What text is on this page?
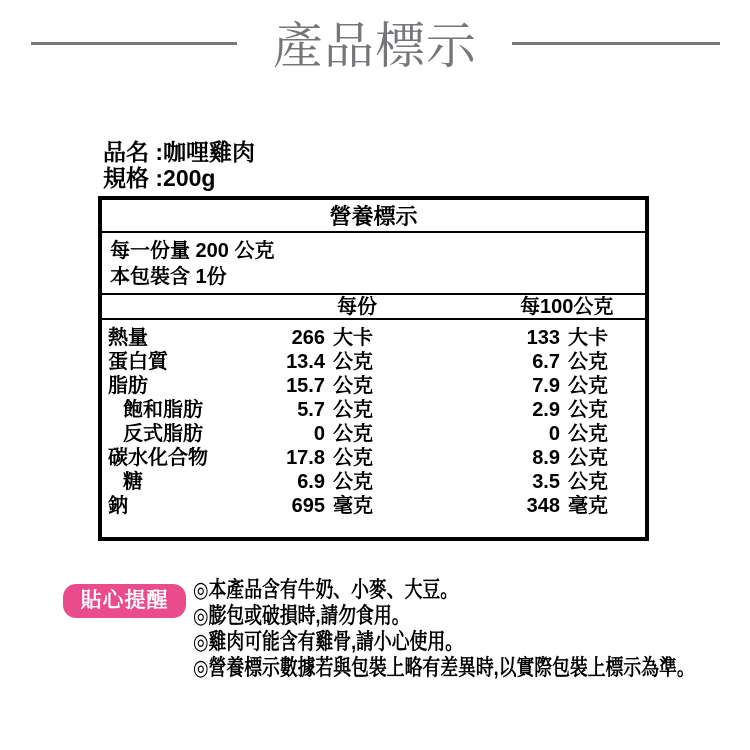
產品標示
品名 :咖哩雞肉
規格 :200g
營養標示
每一份量 200 公克
本包裝含 1份
每份	每100公克
熱量	266 大卡	133 大卡
蛋白質	13.4 公克	6.7 公克
脂肪	15.7 公克	7.9 公克
飽和脂肪	5.7 公克	2.9 公克
反式脂肪	0 公克	0 公克
碳水化合物	17.8 公克	8.9 公克
糖	6.9 公克	3.5 公克
鈉	695 毫克	348 毫克
貼心提醒	◎本產品含有牛奶、小麥、大豆。
◎膨包或破損時,請勿食用。
◎雞肉可能含有雞骨,請小心使用。
◎營養標示數據若與包裝上略有差異時,以實際包裝上標示為準。
